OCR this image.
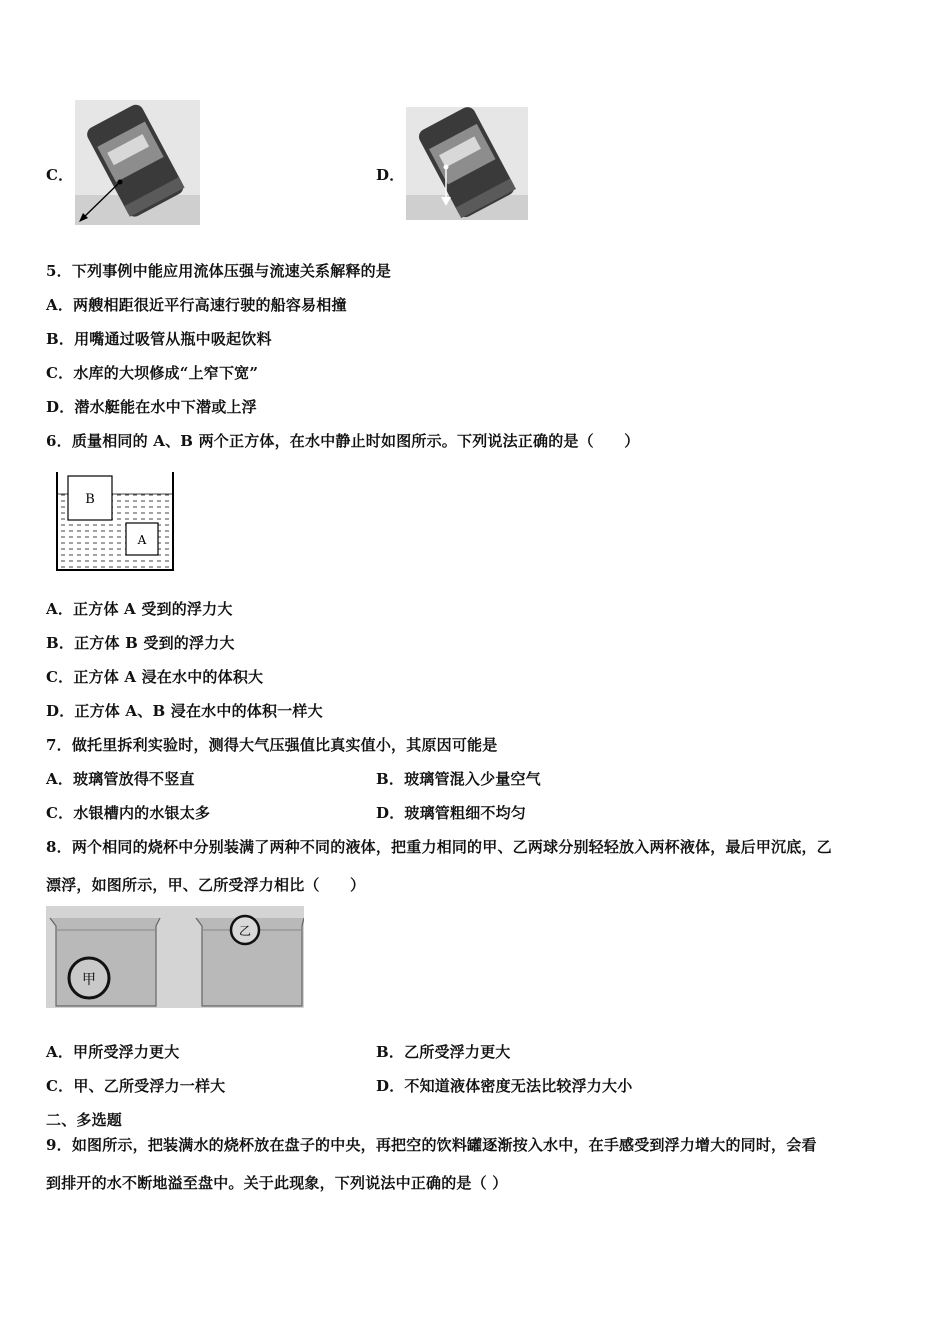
C．	D．
5．下列事例中能应用流体压强与流速关系解释的是
A．两艘相距很近平行高速行驶的船容易相撞
B．用嘴通过吸管从瓶中吸起饮料
C．水库的大坝修成“上窄下宽”
D．潜水艇能在水中下潜或上浮
6．质量相同的 A、B 两个正方体，在水中静止时如图所示。下列说法正确的是（　　）
B
A
A．正方体 A 受到的浮力大
B．正方体 B 受到的浮力大
C．正方体 A 浸在水中的体积大
D．正方体 A、B 浸在水中的体积一样大
7．做托里拆利实验时，测得大气压强值比真实值小，其原因可能是
A．玻璃管放得不竖直	B．玻璃管混入少量空气
C．水银槽内的水银太多	D．玻璃管粗细不均匀
8．两个相同的烧杯中分别装满了两种不同的液体，把重力相同的甲、乙两球分别轻轻放入两杯液体，最后甲沉底，乙
漂浮，如图所示，甲、乙所受浮力相比（　　）
甲
乙
A．甲所受浮力更大	B．乙所受浮力更大
C．甲、乙所受浮力一样大	D．不知道液体密度无法比较浮力大小
二、多选题
9．如图所示，把装满水的烧杯放在盘子的中央，再把空的饮料罐逐渐按入水中，在手感受到浮力增大的同时，会看
到排开的水不断地溢至盘中。关于此现象，下列说法中正确的是（ ）
